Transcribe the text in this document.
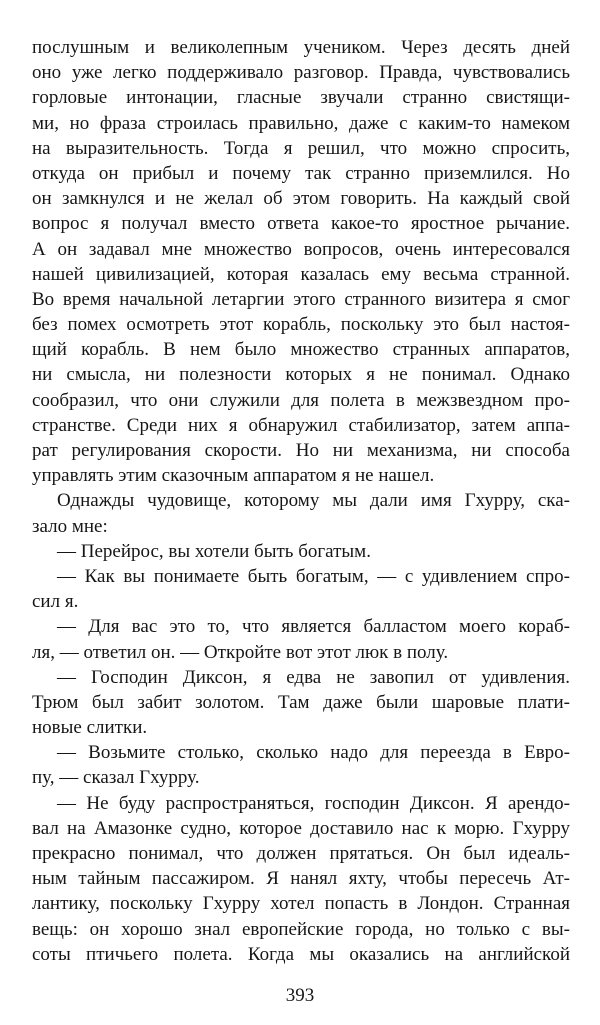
послушным и великолепным учеником. Через десять дней
оно уже легко поддерживало разговор. Правда, чувствовались
горловые интонации, гласные звучали странно свистящи-
ми, но фраза строилась правильно, даже с каким-то намеком
на выразительность. Тогда я решил, что можно спросить,
откуда он прибыл и почему так странно приземлился. Но
он замкнулся и не желал об этом говорить. На каждый свой
вопрос я получал вместо ответа какое-то яростное рычание.
А он задавал мне множество вопросов, очень интересовался
нашей цивилизацией, которая казалась ему весьма странной.
Во время начальной летаргии этого странного визитера я смог
без помех осмотреть этот корабль, поскольку это был настоя-
щий корабль. В нем было множество странных аппаратов,
ни смысла, ни полезности которых я не понимал. Однако
сообразил, что они служили для полета в межзвездном про-
странстве. Среди них я обнаружил стабилизатор, затем аппа-
рат регулирования скорости. Но ни механизма, ни способа
управлять этим сказочным аппаратом я не нашел.
Однажды чудовище, которому мы дали имя Гхурру, ска-
зало мне:
— Перейрос, вы хотели быть богатым.
— Как вы понимаете быть богатым, — с удивлением спро-
сил я.
— Для вас это то, что является балластом моего кораб-
ля, — ответил он. — Откройте вот этот люк в полу.
— Господин Диксон, я едва не завопил от удивления.
Трюм был забит золотом. Там даже были шаровые плати-
новые слитки.
— Возьмите столько, сколько надо для переезда в Евро-
пу, — сказал Гхурру.
— Не буду распространяться, господин Диксон. Я арендо-
вал на Амазонке судно, которое доставило нас к морю. Гхурру
прекрасно понимал, что должен прятаться. Он был идеаль-
ным тайным пассажиром. Я нанял яхту, чтобы пересечь Ат-
лантику, поскольку Гхурру хотел попасть в Лондон. Странная
вещь: он хорошо знал европейские города, но только с вы-
соты птичьего полета. Когда мы оказались на английской
393
